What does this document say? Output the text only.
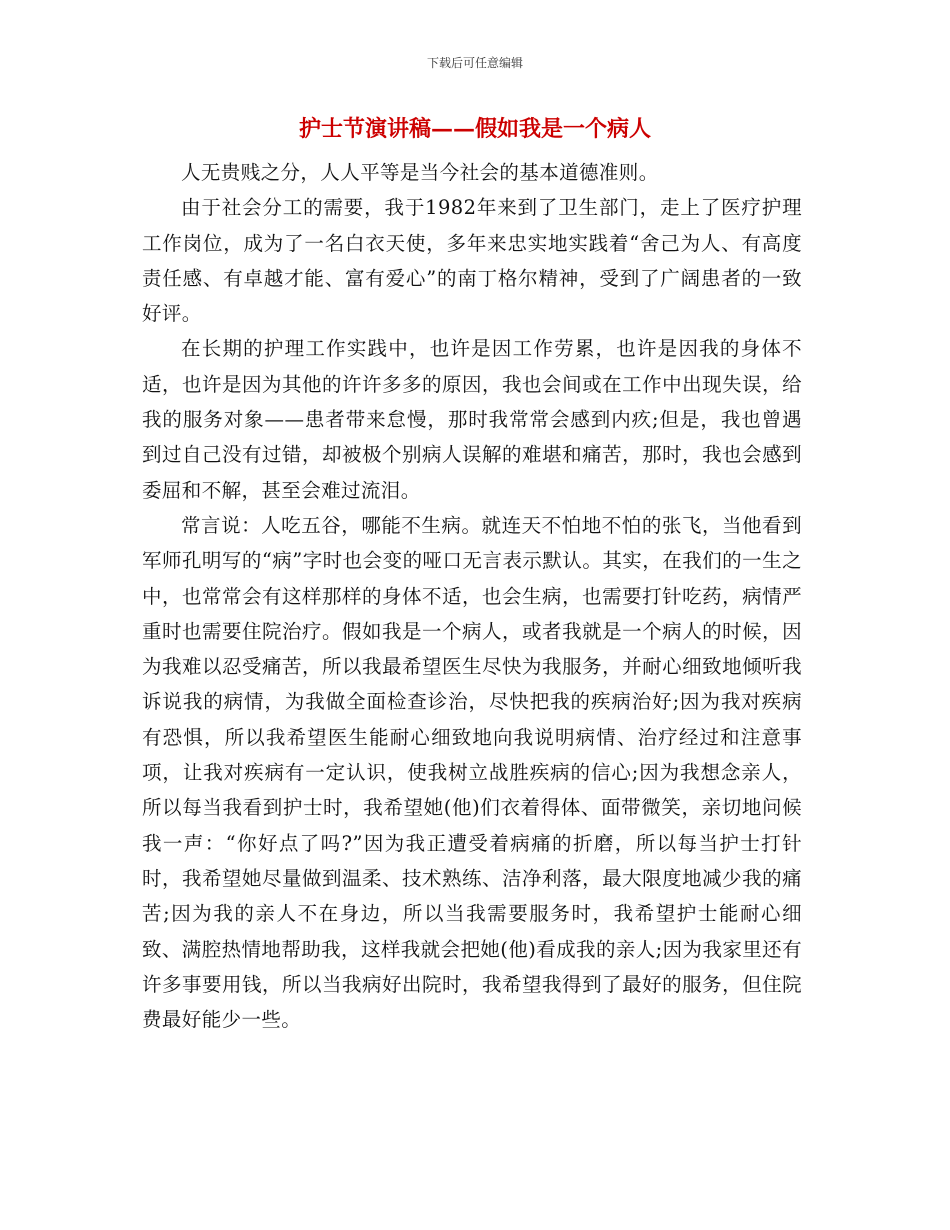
下载后可任意编辑
护士节演讲稿——假如我是一个病人

人无贵贱之分，人人平等是当今社会的基本道德准则。

由于社会分工的需要，我于1982年来到了卫生部门，走上了医疗护理工作岗位，成为了一名白衣天使，多年来忠实地实践着“舍己为人、有高度责任感、有卓越才能、富有爱心”的南丁格尔精神，受到了广阔患者的一致好评。

在长期的护理工作实践中，也许是因工作劳累，也许是因我的身体不适，也许是因为其他的许许多多的原因，我也会间或在工作中出现失误，给我的服务对象——患者带来怠慢，那时我常常会感到内疚;但是，我也曾遇到过自己没有过错，却被极个别病人误解的难堪和痛苦，那时，我也会感到委屈和不解，甚至会难过流泪。

常言说：人吃五谷，哪能不生病。就连天不怕地不怕的张飞，当他看到军师孔明写的“病”字时也会变的哑口无言表示默认。其实，在我们的一生之中，也常常会有这样那样的身体不适，也会生病，也需要打针吃药，病情严重时也需要住院治疗。假如我是一个病人，或者我就是一个病人的时候，因为我难以忍受痛苦，所以我最希望医生尽快为我服务，并耐心细致地倾听我诉说我的病情，为我做全面检查诊治，尽快把我的疾病治好;因为我对疾病有恐惧，所以我希望医生能耐心细致地向我说明病情、治疗经过和注意事项，让我对疾病有一定认识，使我树立战胜疾病的信心;因为我想念亲人，所以每当我看到护士时，我希望她(他)们衣着得体、面带微笑，亲切地问候我一声：“你好点了吗?”因为我正遭受着病痛的折磨，所以每当护士打针时，我希望她尽量做到温柔、技术熟练、洁净利落，最大限度地减少我的痛苦;因为我的亲人不在身边，所以当我需要服务时，我希望护士能耐心细致、满腔热情地帮助我，这样我就会把她(他)看成我的亲人;因为我家里还有许多事要用钱，所以当我病好出院时，我希望我得到了最好的服务，但住院费最好能少一些。
